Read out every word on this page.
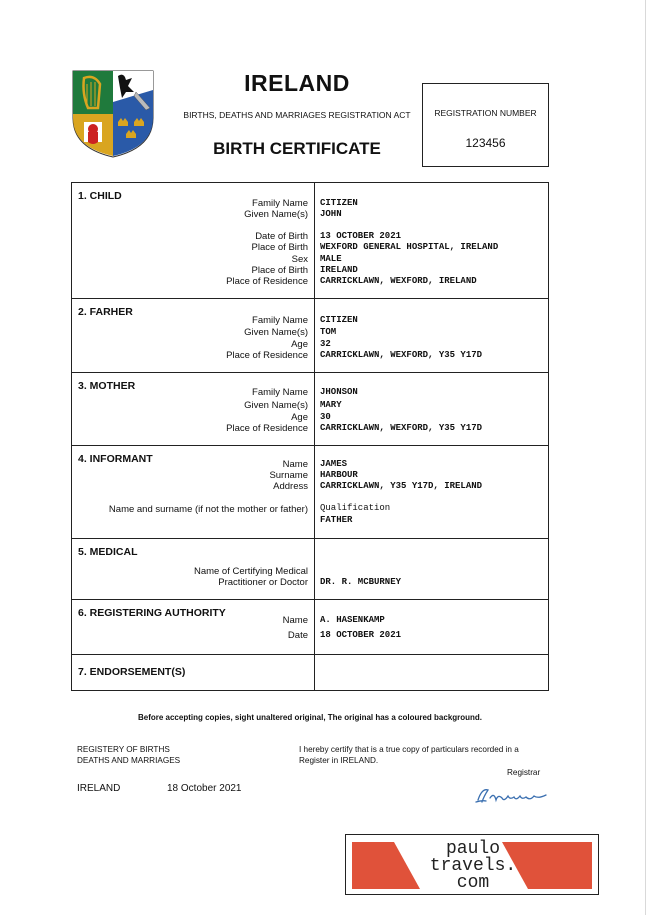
IRELAND
BIRTHS, DEATHS AND MARRIAGES REGISTRATION ACT
BIRTH CERTIFICATE
REGISTRATION NUMBER
123456
1. CHILD
Family Name CITIZEN
Given Name(s) JOHN
Date of Birth 13 OCTOBER 2021
Place of Birth WEXFORD GENERAL HOSPITAL, IRELAND
Sex MALE
Place of Birth IRELAND
Place of Residence CARRICKLAWN, WEXFORD, IRELAND
2. FARHER
Family Name CITIZEN
Given Name(s) TOM
Age 32
Place of Residence CARRICKLAWN, WEXFORD, Y35 Y17D
3. MOTHER
Family Name JHONSON
Given Name(s) MARY
Age 30
Place of Residence CARRICKLAWN, WEXFORD, Y35 Y17D
4. INFORMANT	Name JAMES
Surname HARBOUR
Address CARRICKLAWN, Y35 Y17D, IRELAND
Name and surname (if not the mother or father) Qualification
FATHER
5. MEDICAL
Name of Certifying Medical
Practitioner or Doctor DR. R. MCBURNEY
6. REGISTERING AUTHORITY
Name A. HASENKAMP
Date 18 OCTOBER 2021
7. ENDORSEMENT(S)
Before accepting copies, sight unaltered original, The original has a coloured background.
REGISTERY OF BIRTHS
DEATHS AND MARRIAGES
I hereby certify that is a true copy of particulars recorded in a
Register in IRELAND.
Registrar
IRELAND	18 October 2021
paulo
travels.
com
